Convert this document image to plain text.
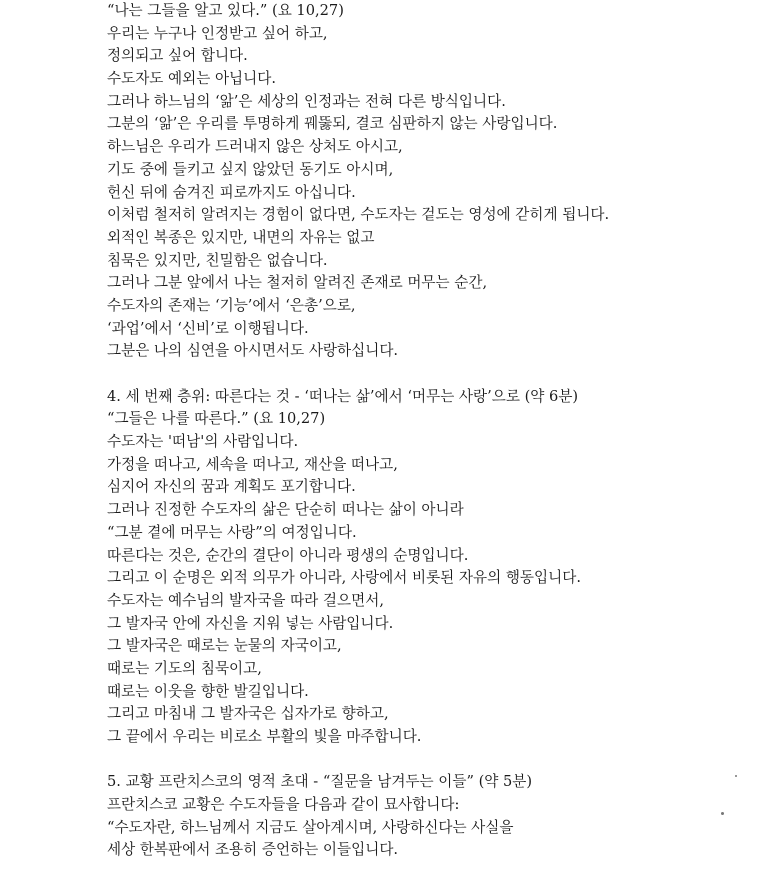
“나는 그들을 알고 있다.” (요 10,27)
우리는 누구나 인정받고 싶어 하고,
정의되고 싶어 합니다.
수도자도 예외는 아닙니다.
그러나 하느님의 ‘앎’은 세상의 인정과는 전혀 다른 방식입니다.
그분의 ‘앎’은 우리를 투명하게 꿰뚫되, 결코 심판하지 않는 사랑입니다.
하느님은 우리가 드러내지 않은 상처도 아시고,
기도 중에 들키고 싶지 않았던 동기도 아시며,
헌신 뒤에 숨겨진 피로까지도 아십니다.
이처럼 철저히 알려지는 경험이 없다면, 수도자는 겉도는 영성에 갇히게 됩니다.
외적인 복종은 있지만, 내면의 자유는 없고
침묵은 있지만, 친밀함은 없습니다.
그러나 그분 앞에서 나는 철저히 알려진 존재로 머무는 순간,
수도자의 존재는 ‘기능’에서 ‘은총’으로,
‘과업’에서 ‘신비’로 이행됩니다.
그분은 나의 심연을 아시면서도 사랑하십니다.
4. 세 번째 층위: 따른다는 것 - ‘떠나는 삶’에서 ‘머무는 사랑’으로 (약 6분)
“그들은 나를 따른다.” (요 10,27)
수도자는 '떠남'의 사람입니다.
가정을 떠나고, 세속을 떠나고, 재산을 떠나고,
심지어 자신의 꿈과 계획도 포기합니다.
그러나 진정한 수도자의 삶은 단순히 떠나는 삶이 아니라
“그분 곁에 머무는 사랑”의 여정입니다.
따른다는 것은, 순간의 결단이 아니라 평생의 순명입니다.
그리고 이 순명은 외적 의무가 아니라, 사랑에서 비롯된 자유의 행동입니다.
수도자는 예수님의 발자국을 따라 걸으면서,
그 발자국 안에 자신을 지워 넣는 사람입니다.
그 발자국은 때로는 눈물의 자국이고,
때로는 기도의 침묵이고,
때로는 이웃을 향한 발길입니다.
그리고 마침내 그 발자국은 십자가로 향하고,
그 끝에서 우리는 비로소 부활의 빛을 마주합니다.
5. 교황 프란치스코의 영적 초대 - “질문을 남겨두는 이들” (약 5분)
프란치스코 교황은 수도자들을 다음과 같이 묘사합니다:
“수도자란, 하느님께서 지금도 살아계시며, 사랑하신다는 사실을
세상 한복판에서 조용히 증언하는 이들입니다.
